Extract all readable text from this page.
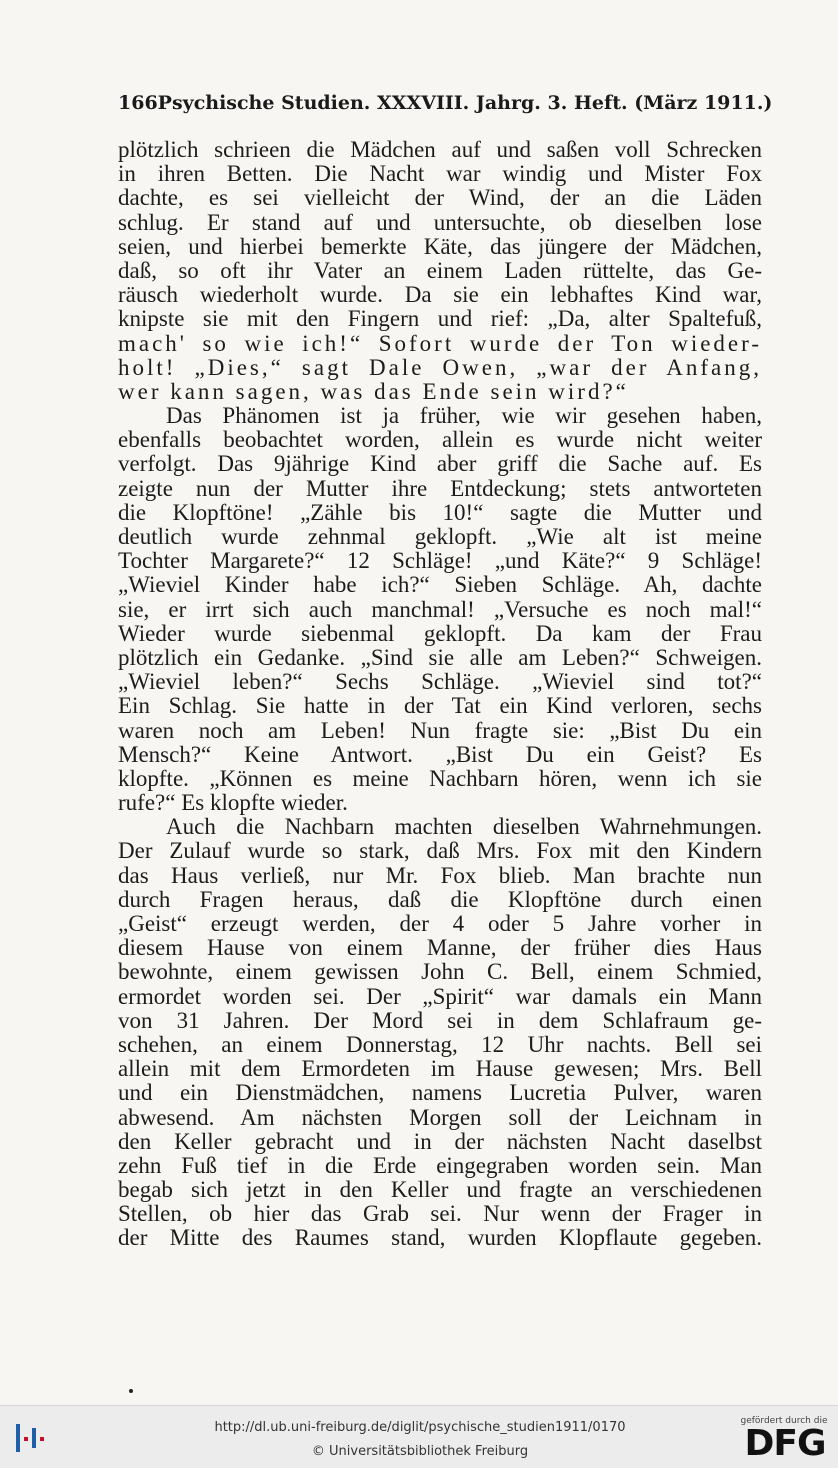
166 Psychische Studien. XXXVIII. Jahrg. 3. Heft. (März 1911.)
plötzlich schrieen die Mädchen auf und saßen voll Schrecken
in ihren Betten. Die Nacht war windig und Mister Fox
dachte, es sei vielleicht der Wind, der an die Läden
schlug. Er stand auf und untersuchte, ob dieselben lose
seien, und hierbei bemerkte Käte, das jüngere der Mädchen,
daß, so oft ihr Vater an einem Laden rüttelte, das Ge-
räusch wiederholt wurde. Da sie ein lebhaftes Kind war,
knipste sie mit den Fingern und rief: „Da, alter Spaltefuß,
mach' so wie ich!“ Sofort wurde der Ton wieder-
holt! „Dies,“ sagt Dale Owen, „war der Anfang,
wer kann sagen, was das Ende sein wird?“
Das Phänomen ist ja früher, wie wir gesehen haben,
ebenfalls beobachtet worden, allein es wurde nicht weiter
verfolgt. Das 9jährige Kind aber griff die Sache auf. Es
zeigte nun der Mutter ihre Entdeckung; stets antworteten
die Klopftöne! „Zähle bis 10!“ sagte die Mutter und
deutlich wurde zehnmal geklopft. „Wie alt ist meine
Tochter Margarete?“ 12 Schläge! „und Käte?“ 9 Schläge!
„Wieviel Kinder habe ich?“ Sieben Schläge. Ah, dachte
sie, er irrt sich auch manchmal! „Versuche es noch mal!“
Wieder wurde siebenmal geklopft. Da kam der Frau
plötzlich ein Gedanke. „Sind sie alle am Leben?“ Schweigen.
„Wieviel leben?“ Sechs Schläge. „Wieviel sind tot?“
Ein Schlag. Sie hatte in der Tat ein Kind verloren, sechs
waren noch am Leben! Nun fragte sie: „Bist Du ein
Mensch?“ Keine Antwort. „Bist Du ein Geist? Es
klopfte. „Können es meine Nachbarn hören, wenn ich sie
rufe?“ Es klopfte wieder.
Auch die Nachbarn machten dieselben Wahrnehmungen.
Der Zulauf wurde so stark, daß Mrs. Fox mit den Kindern
das Haus verließ, nur Mr. Fox blieb. Man brachte nun
durch Fragen heraus, daß die Klopftöne durch einen
„Geist“ erzeugt werden, der 4 oder 5 Jahre vorher in
diesem Hause von einem Manne, der früher dies Haus
bewohnte, einem gewissen John C. Bell, einem Schmied,
ermordet worden sei. Der „Spirit“ war damals ein Mann
von 31 Jahren. Der Mord sei in dem Schlafraum ge-
schehen, an einem Donnerstag, 12 Uhr nachts. Bell sei
allein mit dem Ermordeten im Hause gewesen; Mrs. Bell
und ein Dienstmädchen, namens Lucretia Pulver, waren
abwesend. Am nächsten Morgen soll der Leichnam in
den Keller gebracht und in der nächsten Nacht daselbst
zehn Fuß tief in die Erde eingegraben worden sein. Man
begab sich jetzt in den Keller und fragte an verschiedenen
Stellen, ob hier das Grab sei. Nur wenn der Frager in
der Mitte des Raumes stand, wurden Klopflaute gegeben.
http://dl.ub.uni-freiburg.de/diglit/psychische_studien1911/0170
© Universitätsbibliothek Freiburg
gefördert durch die
DFG
